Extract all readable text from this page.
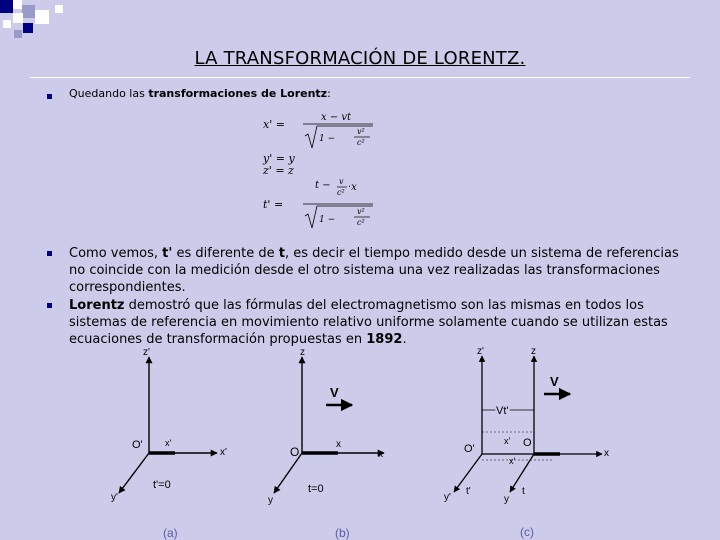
LA TRANSFORMACIÓN DE LORENTZ.
Quedando las transformaciones de Lorentz:
x' =
x − vt
1 −
v²
c²
y' = y
z' = z
t − v
c² ·x
t' =
1 −
v²
c²
Como vemos, t' es diferente de t, es decir el tiempo medido desde un sistema de referencias no coincide con la medición desde el otro sistema una vez realizadas las transformaciones correspondientes.
Lorentz demostró que las fórmulas del electromagnetismo son las mismas en todos los sistemas de referencia en movimiento relativo uniforme solamente cuando se utilizan estas ecuaciones de transformación propuestas en 1892.
z'
x'
y'
O' x'
t'=0
(a)
z
x
x
y
O
V
t=0
(b)
Vt'
V
z'	z
x
O'	O
x'
x'
y'	y
t'	t
(c)
